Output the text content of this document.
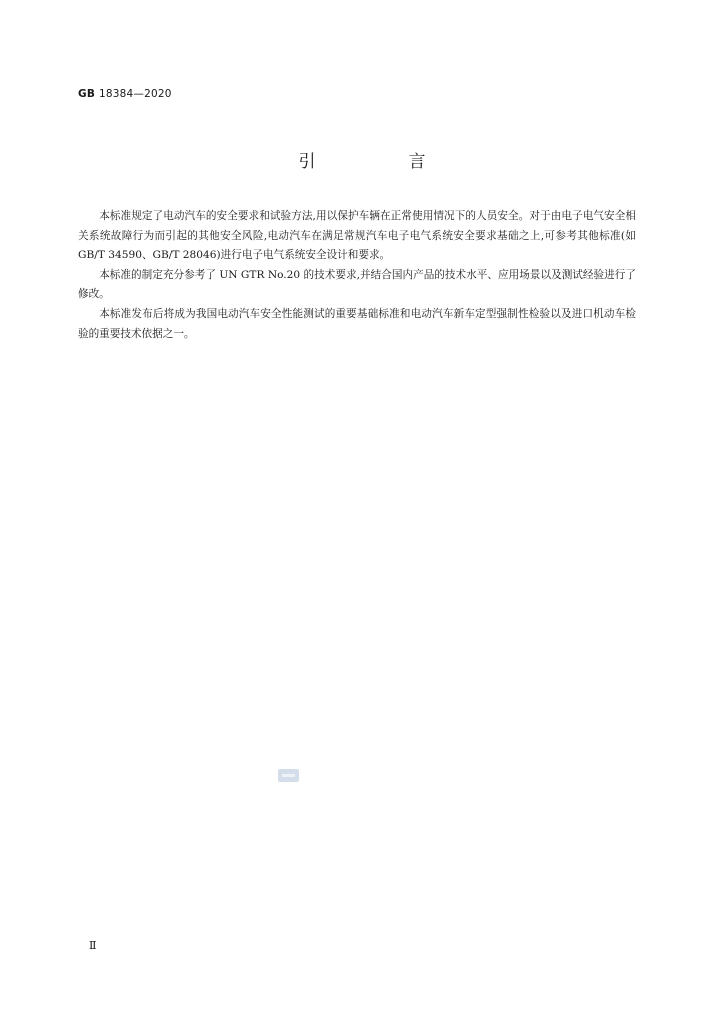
GB 18384—2020
引　言

本标准规定了电动汽车的安全要求和试验方法,用以保护车辆在正常使用情况下的人员安全。对于由电子电气安全相关系统故障行为而引起的其他安全风险,电动汽车在满足常规汽车电子电气系统安全要求基础之上,可参考其他标准(如 GB/T 34590、GB/T 28046)进行电子电气系统安全设计和要求。

本标准的制定充分参考了 UN GTR No.20 的技术要求,并结合国内产品的技术水平、应用场景以及测试经验进行了修改。

本标准发布后将成为我国电动汽车安全性能测试的重要基础标准和电动汽车新车定型强制性检验以及进口机动车检验的重要技术依据之一。

Ⅱ
